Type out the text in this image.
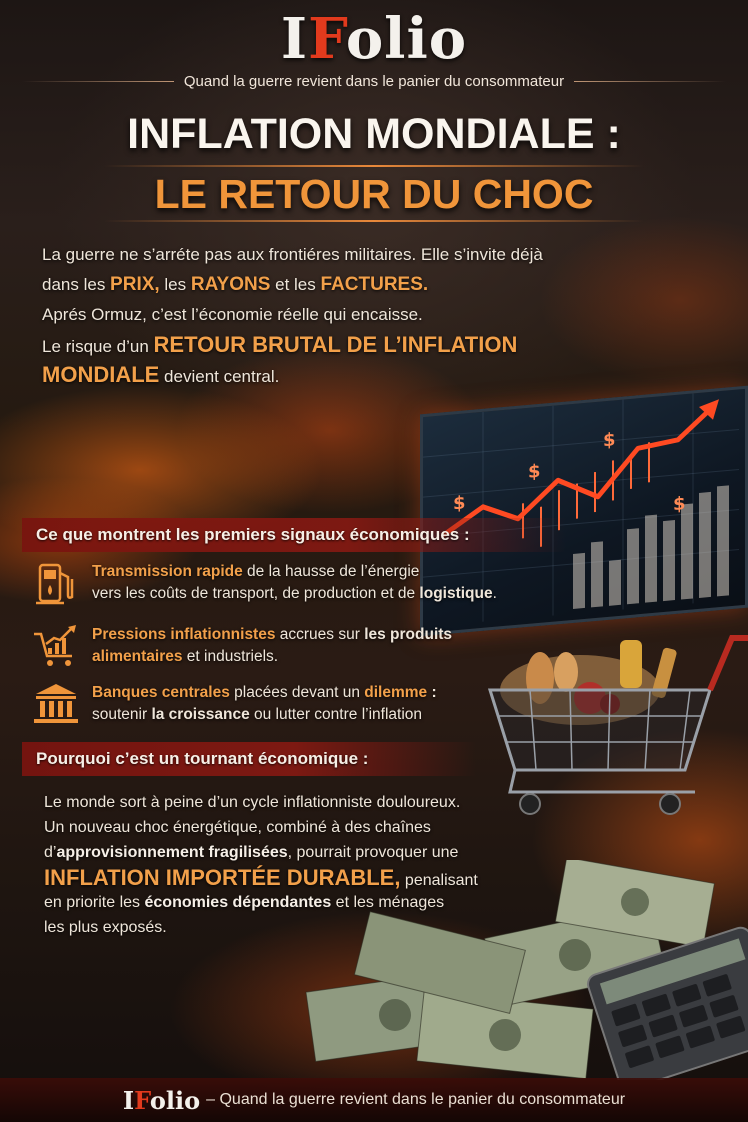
IFolio
Quand la guerre revient dans le panier du consommateur
INFLATION MONDIALE :
LE RETOUR DU CHOC
La guerre ne s’arréte pas aux frontiéres militaires. Elle s’invite déjà
dans les PRIX, les RAYONS et les FACTURES.
Aprés Ormuz, c’est l’économie réelle qui encaisse.
Le risque d’un RETOUR BRUTAL DE L’INFLATION
MONDIALE devient central.
$
$
$	$
Ce que montrent les premiers signaux économiques :
Transmission rapide de la hausse de l’énergie
vers les coûts de transport, de production et de logistique.
Pressions inflationnistes accrues sur les produits
alimentaires et industriels.
Banques centrales placées devant un dilemme :
soutenir la croissance ou lutter contre l’inflation
Pourquoi c’est un tournant économique :
Le monde sort à peine d’un cycle inflationniste douloureux.
Un nouveau choc énergétique, combiné à des chaînes
d’approvisionnement fragilisées, pourrait provoquer une
INFLATION IMPORTÉE DURABLE, penalisant
en priorite les économies dépendantes et les ménages
les plus exposés.
IFolio – Quand la guerre revient dans le panier du consommateur
